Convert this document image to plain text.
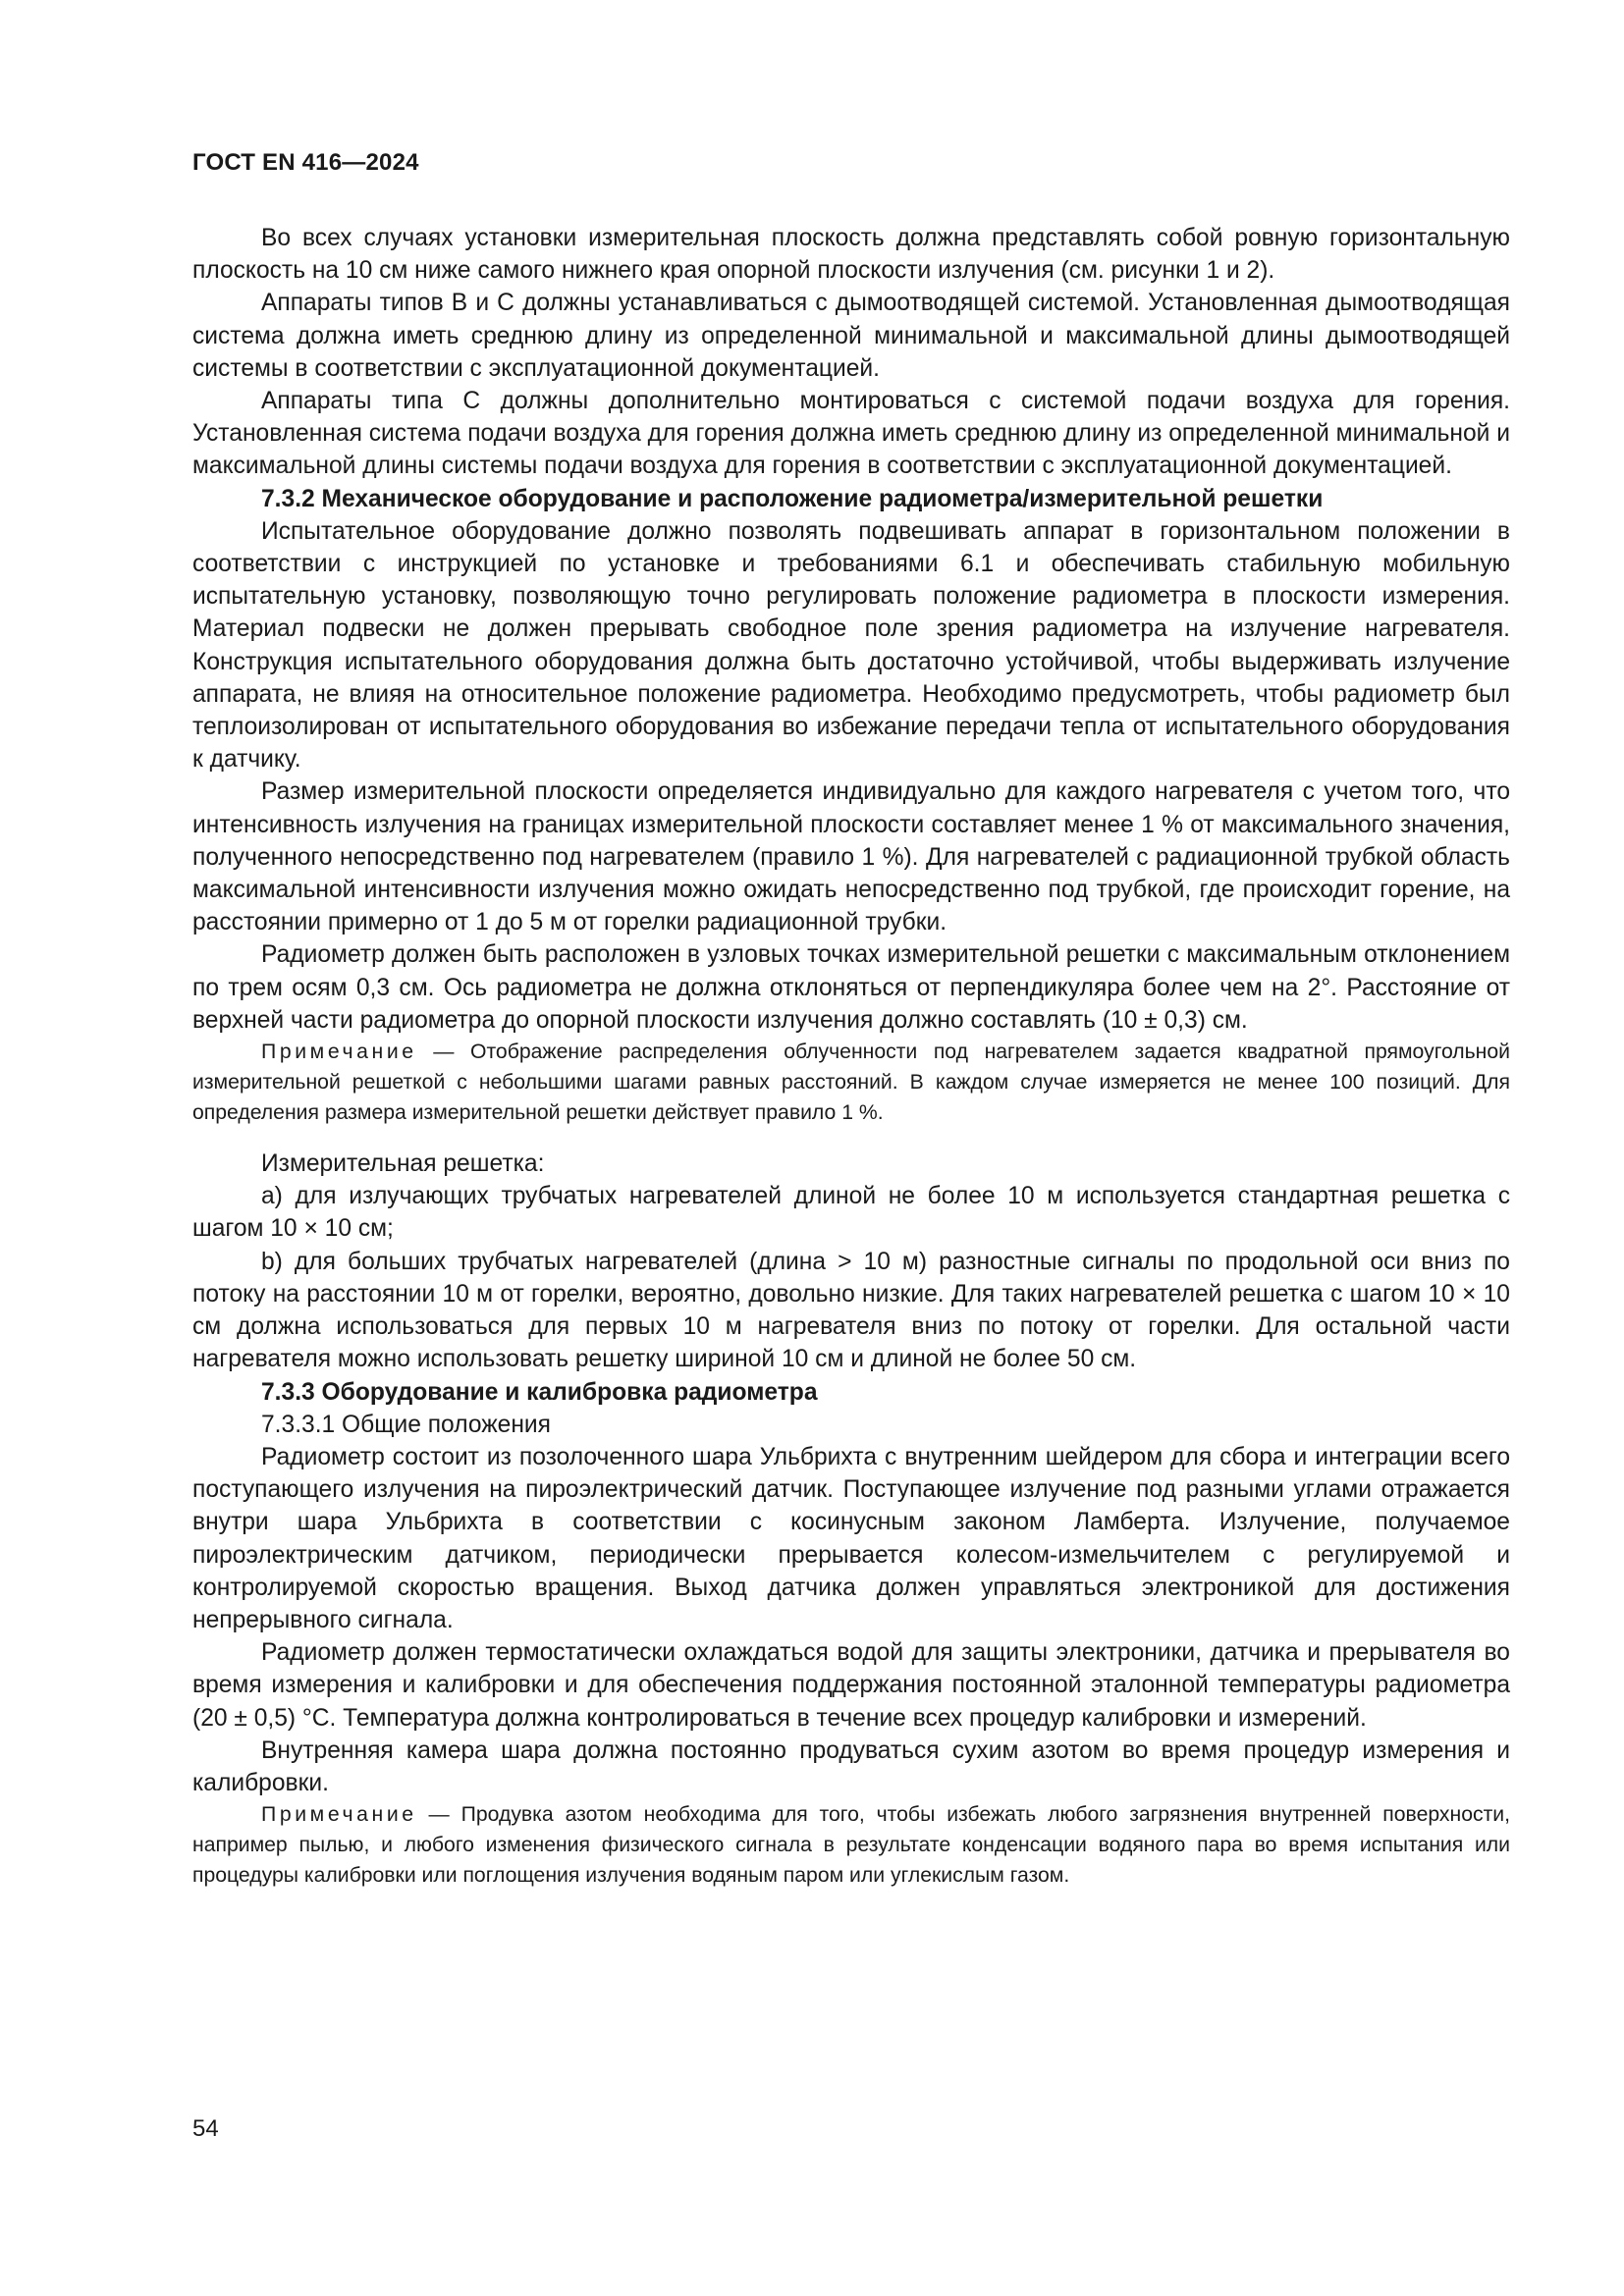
ГОСТ EN 416—2024

Во всех случаях установки измерительная плоскость должна представлять собой ровную горизонтальную плоскость на 10 см ниже самого нижнего края опорной плоскости излучения (см. рисунки 1 и 2).

Аппараты типов B и C должны устанавливаться с дымоотводящей системой. Установленная дымоотводящая система должна иметь среднюю длину из определенной минимальной и максимальной длины дымоотводящей системы в соответствии с эксплуатационной документацией.

Аппараты типа C должны дополнительно монтироваться с системой подачи воздуха для горения. Установленная система подачи воздуха для горения должна иметь среднюю длину из определенной минимальной и максимальной длины системы подачи воздуха для горения в соответствии с эксплуатационной документацией.

7.3.2 Механическое оборудование и расположение радиометра/измерительной решетки

Испытательное оборудование должно позволять подвешивать аппарат в горизонтальном положении в соответствии с инструкцией по установке и требованиями 6.1 и обеспечивать стабильную мобильную испытательную установку, позволяющую точно регулировать положение радиометра в плоскости измерения. Материал подвески не должен прерывать свободное поле зрения радиометра на излучение нагревателя. Конструкция испытательного оборудования должна быть достаточно устойчивой, чтобы выдерживать излучение аппарата, не влияя на относительное положение радиометра. Необходимо предусмотреть, чтобы радиометр был теплоизолирован от испытательного оборудования во избежание передачи тепла от испытательного оборудования к датчику.

Размер измерительной плоскости определяется индивидуально для каждого нагревателя с учетом того, что интенсивность излучения на границах измерительной плоскости составляет менее 1 % от максимального значения, полученного непосредственно под нагревателем (правило 1 %). Для нагревателей с радиационной трубкой область максимальной интенсивности излучения можно ожидать непосредственно под трубкой, где происходит горение, на расстоянии примерно от 1 до 5 м от горелки радиационной трубки.

Радиометр должен быть расположен в узловых точках измерительной решетки с максимальным отклонением по трем осям 0,3 см. Ось радиометра не должна отклоняться от перпендикуляра более чем на 2°. Расстояние от верхней части радиометра до опорной плоскости излучения должно составлять (10 ± 0,3) см.

Примечание — Отображение распределения облученности под нагревателем задается квадратной прямоугольной измерительной решеткой с небольшими шагами равных расстояний. В каждом случае измеряется не менее 100 позиций. Для определения размера измерительной решетки действует правило 1 %.

Измерительная решетка:

a) для излучающих трубчатых нагревателей длиной не более 10 м используется стандартная решетка с шагом 10 × 10 см;

b) для больших трубчатых нагревателей (длина > 10 м) разностные сигналы по продольной оси вниз по потоку на расстоянии 10 м от горелки, вероятно, довольно низкие. Для таких нагревателей решетка с шагом 10 × 10 см должна использоваться для первых 10 м нагревателя вниз по потоку от горелки. Для остальной части нагревателя можно использовать решетку шириной 10 см и длиной не более 50 см.

7.3.3 Оборудование и калибровка радиометра

7.3.3.1 Общие положения

Радиометр состоит из позолоченного шара Ульбрихта с внутренним шейдером для сбора и интеграции всего поступающего излучения на пироэлектрический датчик. Поступающее излучение под разными углами отражается внутри шара Ульбрихта в соответствии с косинусным законом Ламберта. Излучение, получаемое пироэлектрическим датчиком, периодически прерывается колесом-измельчителем с регулируемой и контролируемой скоростью вращения. Выход датчика должен управляться электроникой для достижения непрерывного сигнала.

Радиометр должен термостатически охлаждаться водой для защиты электроники, датчика и прерывателя во время измерения и калибровки и для обеспечения поддержания постоянной эталонной температуры радиометра (20 ± 0,5) °С. Температура должна контролироваться в течение всех процедур калибровки и измерений.

Внутренняя камера шара должна постоянно продуваться сухим азотом во время процедур измерения и калибровки.

Примечание — Продувка азотом необходима для того, чтобы избежать любого загрязнения внутренней поверхности, например пылью, и любого изменения физического сигнала в результате конденсации водяного пара во время испытания или процедуры калибровки или поглощения излучения водяным паром или углекислым газом.

54
